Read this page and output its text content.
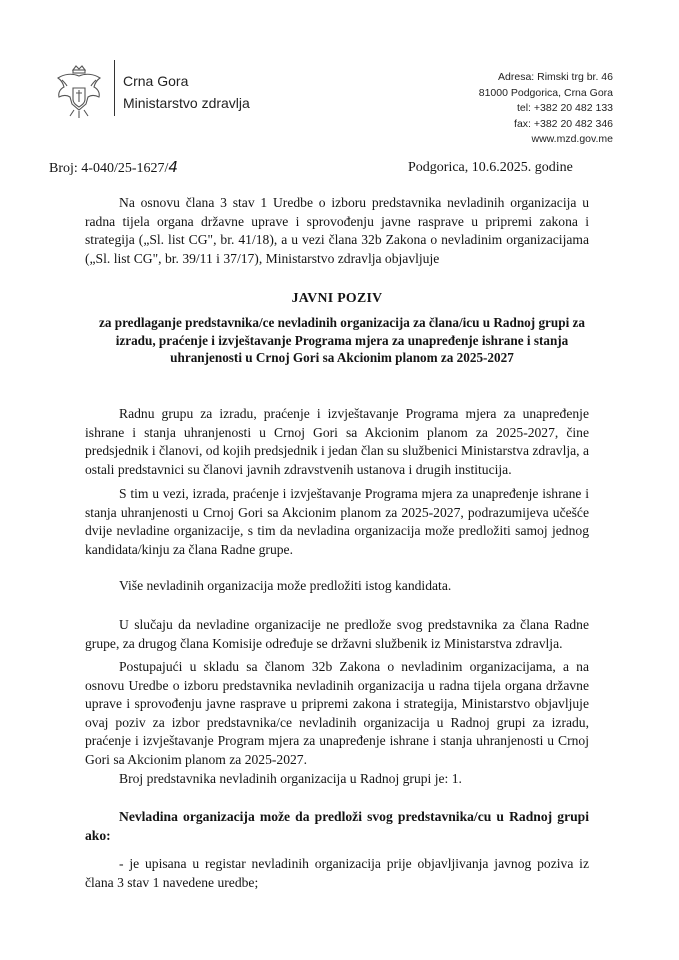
Crna Gora
Ministarstvo zdravlja
Adresa: Rimski trg br. 46
81000 Podgorica, Crna Gora
tel: +382 20 482 133
fax: +382 20 482 346
www.mzd.gov.me
Broj: 4-040/25-1627/4	Podgorica, 10.6.2025. godine

Na osnovu člana 3 stav 1 Uredbe o izboru predstavnika nevladinih organizacija u radna tijela organa državne uprave i sprovođenju javne rasprave u pripremi zakona i strategija („Sl. list CG", br. 41/18), a u vezi člana 32b Zakona o nevladinim organizacijama („Sl. list CG", br. 39/11 i 37/17), Ministarstvo zdravlja objavljuje

JAVNI POZIV
za predlaganje predstavnika/ce nevladinih organizacija za člana/icu u Radnoj grupi za izradu, praćenje i izvještavanje Programa mjera za unapređenje ishrane i stanja uhranjenosti u Crnoj Gori sa Akcionim planom za 2025-2027

Radnu grupu za izradu, praćenje i izvještavanje Programa mjera za unapređenje ishrane i stanja uhranjenosti u Crnoj Gori sa Akcionim planom za 2025-2027, čine predsjednik i članovi, od kojih predsjednik i jedan član su službenici Ministarstva zdravlja, a ostali predstavnici su članovi javnih zdravstvenih ustanova i drugih institucija.

S tim u vezi, izrada, praćenje i izvještavanje Programa mjera za unapređenje ishrane i stanja uhranjenosti u Crnoj Gori sa Akcionim planom za 2025-2027, podrazumijeva učešće dvije nevladine organizacije, s tim da nevladina organizacija može predložiti samoj jednog kandidata/kinju za člana Radne grupe.

Više nevladinih organizacija može predložiti istog kandidata.

U slučaju da nevladine organizacije ne predlože svog predstavnika za člana Radne grupe, za drugog člana Komisije određuje se državni službenik iz Ministarstva zdravlja.

Postupajući u skladu sa članom 32b Zakona o nevladinim organizacijama, a na osnovu Uredbe o izboru predstavnika nevladinih organizacija u radna tijela organa državne uprave i sprovođenju javne rasprave u pripremi zakona i strategija, Ministarstvo objavljuje ovaj poziv za izbor predstavnika/ce nevladinih organizacija u Radnoj grupi za izradu, praćenje i izvještavanje Program mjera za unapređenje ishrane i stanja uhranjenosti u Crnoj Gori sa Akcionim planom za 2025-2027.

Broj predstavnika nevladinih organizacija u Radnoj grupi je: 1.

Nevladina organizacija može da predloži svog predstavnika/cu u Radnoj grupi ako:

- je upisana u registar nevladinih organizacija prije objavljivanja javnog poziva iz člana 3 stav 1 navedene uredbe;
